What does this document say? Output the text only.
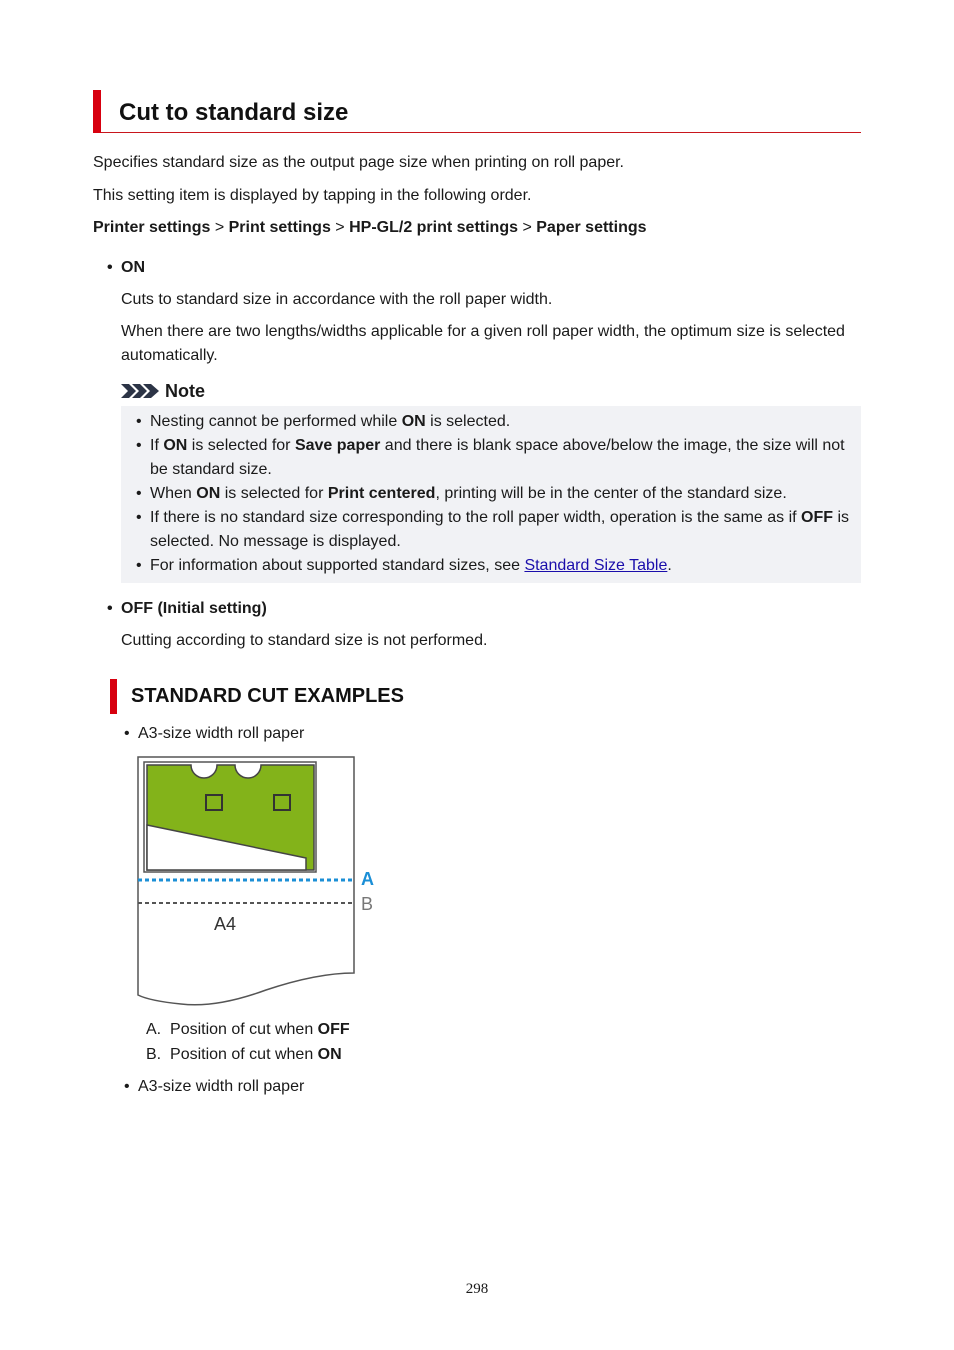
Cut to standard size

Specifies standard size as the output page size when printing on roll paper.

This setting item is displayed by tapping in the following order.

Printer settings > Print settings > HP-GL/2 print settings > Paper settings

• ON

Cuts to standard size in accordance with the roll paper width.

When there are two lengths/widths applicable for a given roll paper width, the optimum size is selected

automatically.

Note
• Nesting cannot be performed while ON is selected.
• If ON is selected for Save paper and there is blank space above/below the image, the size will not
be standard size.
• When ON is selected for Print centered, printing will be in the center of the standard size.
• If there is no standard size corresponding to the roll paper width, operation is the same as if OFF is
selected. No message is displayed.
• For information about supported standard sizes, see Standard Size Table.
• OFF (Initial setting)

Cutting according to standard size is not performed.

STANDARD CUT EXAMPLES
• A3-size width roll paper

A
B
A4

A. Position of cut when OFF

B. Position of cut when ON

• A3-size width roll paper

298
